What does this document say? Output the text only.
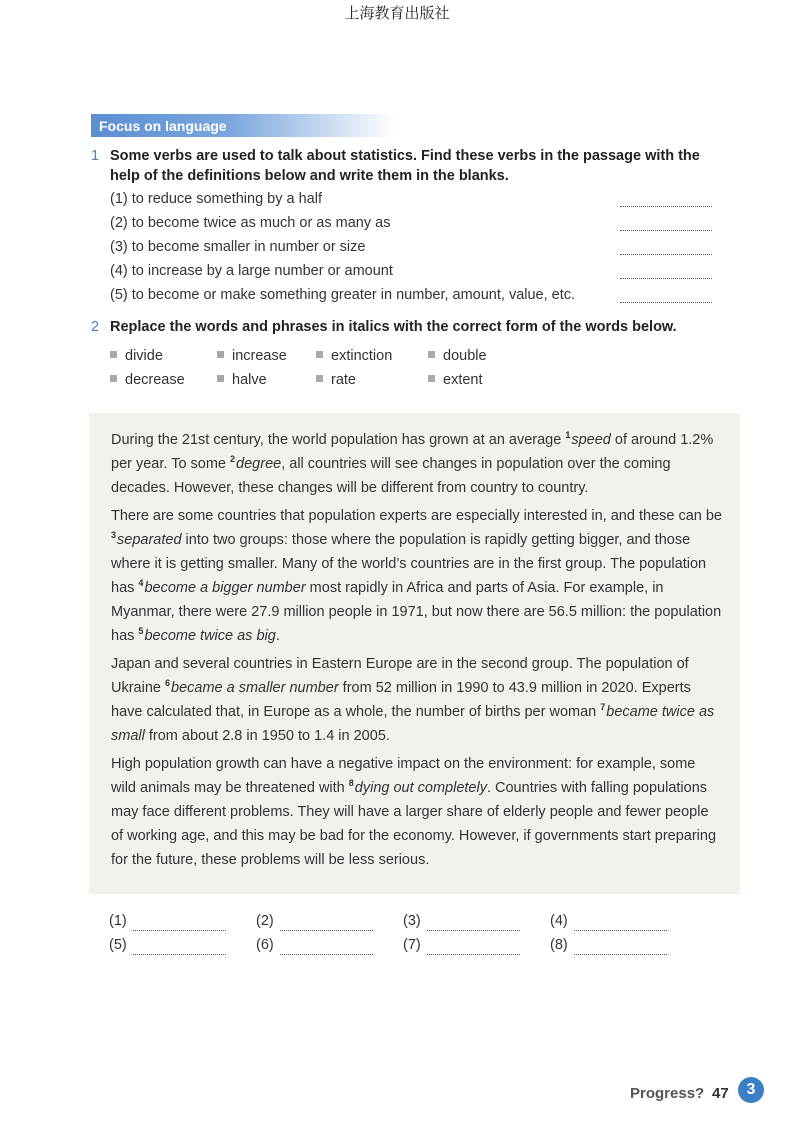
上海教育出版社
Focus on language
1 Some verbs are used to talk about statistics. Find these verbs in the passage with the help of the definitions below and write them in the blanks.
(1) to reduce something by a half
(2) to become twice as much or as many as
(3) to become smaller in number or size
(4) to increase by a large number or amount
(5) to become or make something greater in number, amount, value, etc.
2 Replace the words and phrases in italics with the correct form of the words below.
divide	increase	extinction	double
decrease	halve	rate	extent

During the 21st century, the world population has grown at an average $^1$speed of around 1.2% per year. To some $^2$degree, all countries will see changes in population over the coming decades. However, these changes will be different from country to country.

There are some countries that population experts are especially interested in, and these can be $^3$separated into two groups: those where the population is rapidly getting bigger, and those where it is getting smaller. Many of the world’s countries are in the first group. The population has $^4$become a bigger number most rapidly in Africa and parts of Asia. For example, in Myanmar, there were 27.9 million people in 1971, but now there are 56.5 million: the population has $^5$become twice as big.

Japan and several countries in Eastern Europe are in the second group. The population of Ukraine $^6$became a smaller number from 52 million in 1990 to 43.9 million in 2020. Experts have calculated that, in Europe as a whole, the number of births per woman $^7$became twice as small from about 2.8 in 1950 to 1.4 in 2005.

High population growth can have a negative impact on the environment: for example, some wild animals may be threatened with $^8$dying out completely. Countries with falling populations may face different problems. They will have a larger share of elderly people and fewer people of working age, and this may be bad for the economy. However, if governments start preparing for the future, these problems will be less serious.

(1)	(2)	(3)	(4)
(5)	(6)	(7)	(8)
Progress? 47	3
